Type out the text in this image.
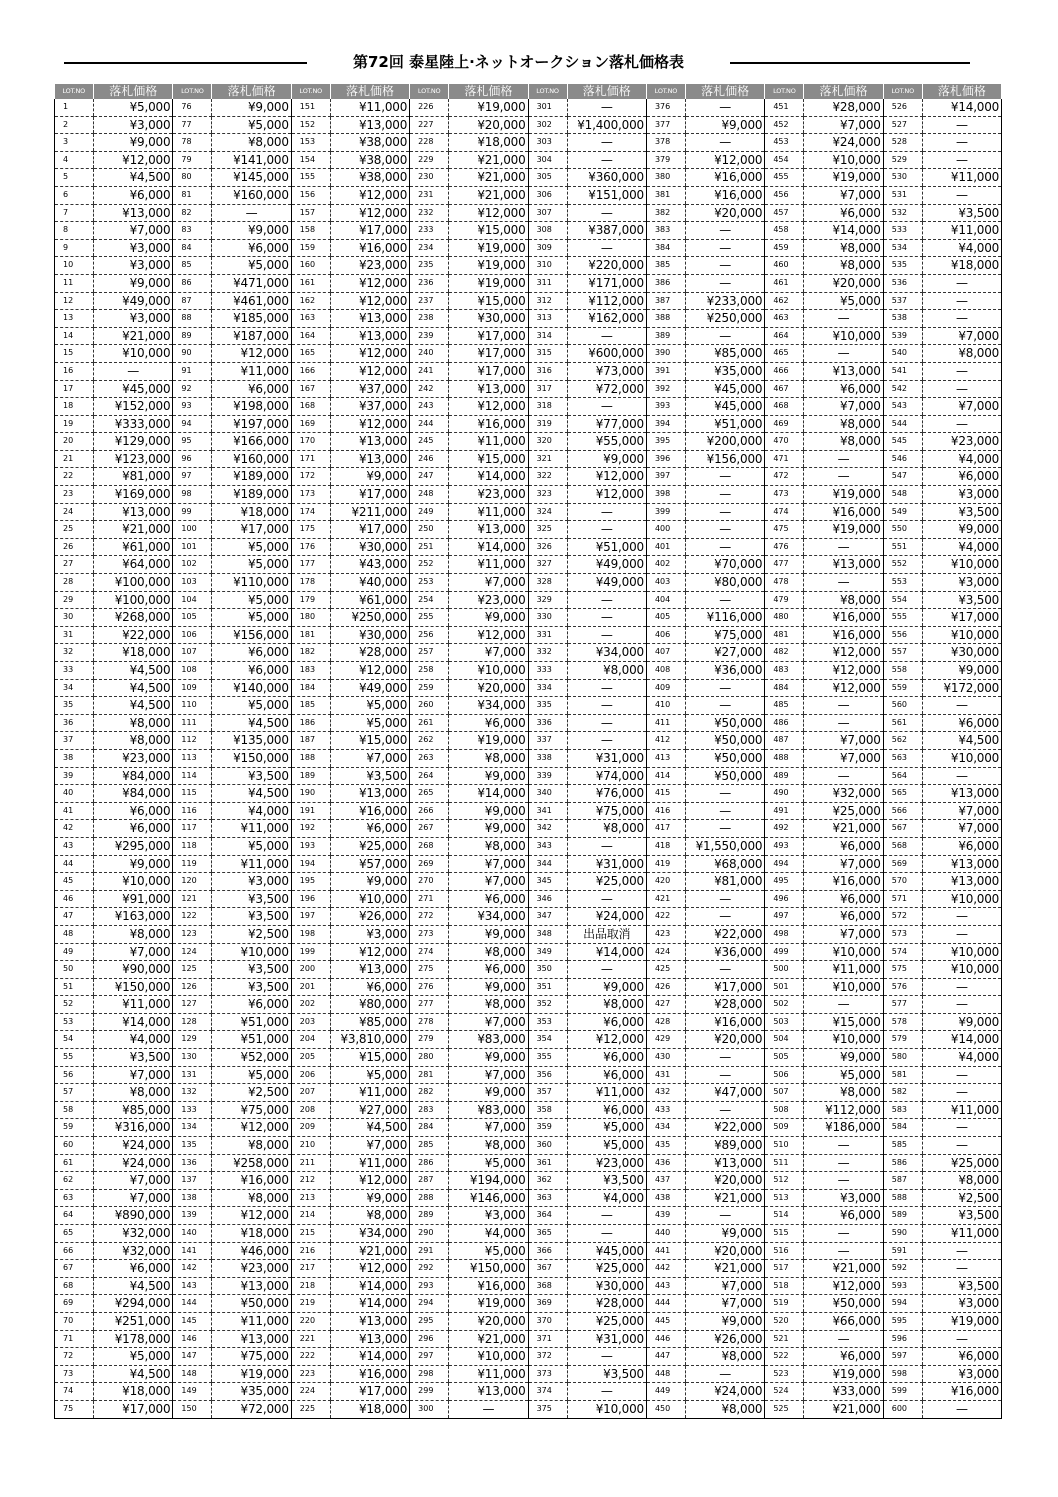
第72回 泰星陸上·ネットオークション落札価格表
LOT.NO	落札価格	LOT.NO	落札価格	LOT.NO	落札価格	LOT.NO	落札価格	LOT.NO	落札価格	LOT.NO	落札価格	LOT.NO	落札価格	LOT.NO	落札価格
1	¥5,000	76	¥9,000	151	¥11,000	226	¥19,000	301	—	376	—	451	¥28,000	526	¥14,000
2	¥3,000	77	¥5,000	152	¥13,000	227	¥20,000	302	¥1,400,000	377	¥9,000	452	¥7,000	527	—
3	¥9,000	78	¥8,000	153	¥38,000	228	¥18,000	303	—	378	—	453	¥24,000	528	—
4	¥12,000	79	¥141,000	154	¥38,000	229	¥21,000	304	—	379	¥12,000	454	¥10,000	529	—
5	¥4,500	80	¥145,000	155	¥38,000	230	¥21,000	305	¥360,000	380	¥16,000	455	¥19,000	530	¥11,000
6	¥6,000	81	¥160,000	156	¥12,000	231	¥21,000	306	¥151,000	381	¥16,000	456	¥7,000	531	—
7	¥13,000	82	—	157	¥12,000	232	¥12,000	307	—	382	¥20,000	457	¥6,000	532	¥3,500
8	¥7,000	83	¥9,000	158	¥17,000	233	¥15,000	308	¥387,000	383	—	458	¥14,000	533	¥11,000
9	¥3,000	84	¥6,000	159	¥16,000	234	¥19,000	309	—	384	—	459	¥8,000	534	¥4,000
10	¥3,000	85	¥5,000	160	¥23,000	235	¥19,000	310	¥220,000	385	—	460	¥8,000	535	¥18,000
11	¥9,000	86	¥471,000	161	¥12,000	236	¥19,000	311	¥171,000	386	—	461	¥20,000	536	—
12	¥49,000	87	¥461,000	162	¥12,000	237	¥15,000	312	¥112,000	387	¥233,000	462	¥5,000	537	—
13	¥3,000	88	¥185,000	163	¥13,000	238	¥30,000	313	¥162,000	388	¥250,000	463	—	538	—
14	¥21,000	89	¥187,000	164	¥13,000	239	¥17,000	314	—	389	—	464	¥10,000	539	¥7,000
15	¥10,000	90	¥12,000	165	¥12,000	240	¥17,000	315	¥600,000	390	¥85,000	465	—	540	¥8,000
16	—	91	¥11,000	166	¥12,000	241	¥17,000	316	¥73,000	391	¥35,000	466	¥13,000	541	—
17	¥45,000	92	¥6,000	167	¥37,000	242	¥13,000	317	¥72,000	392	¥45,000	467	¥6,000	542	—
18	¥152,000	93	¥198,000	168	¥37,000	243	¥12,000	318	—	393	¥45,000	468	¥7,000	543	¥7,000
19	¥333,000	94	¥197,000	169	¥12,000	244	¥16,000	319	¥77,000	394	¥51,000	469	¥8,000	544	—
20	¥129,000	95	¥166,000	170	¥13,000	245	¥11,000	320	¥55,000	395	¥200,000	470	¥8,000	545	¥23,000
21	¥123,000	96	¥160,000	171	¥13,000	246	¥15,000	321	¥9,000	396	¥156,000	471	—	546	¥4,000
22	¥81,000	97	¥189,000	172	¥9,000	247	¥14,000	322	¥12,000	397	—	472	—	547	¥6,000
23	¥169,000	98	¥189,000	173	¥17,000	248	¥23,000	323	¥12,000	398	—	473	¥19,000	548	¥3,000
24	¥13,000	99	¥18,000	174	¥211,000	249	¥11,000	324	—	399	—	474	¥16,000	549	¥3,500
25	¥21,000	100	¥17,000	175	¥17,000	250	¥13,000	325	—	400	—	475	¥19,000	550	¥9,000
26	¥61,000	101	¥5,000	176	¥30,000	251	¥14,000	326	¥51,000	401	—	476	—	551	¥4,000
27	¥64,000	102	¥5,000	177	¥43,000	252	¥11,000	327	¥49,000	402	¥70,000	477	¥13,000	552	¥10,000
28	¥100,000	103	¥110,000	178	¥40,000	253	¥7,000	328	¥49,000	403	¥80,000	478	—	553	¥3,000
29	¥100,000	104	¥5,000	179	¥61,000	254	¥23,000	329	—	404	—	479	¥8,000	554	¥3,500
30	¥268,000	105	¥5,000	180	¥250,000	255	¥9,000	330	—	405	¥116,000	480	¥16,000	555	¥17,000
31	¥22,000	106	¥156,000	181	¥30,000	256	¥12,000	331	—	406	¥75,000	481	¥16,000	556	¥10,000
32	¥18,000	107	¥6,000	182	¥28,000	257	¥7,000	332	¥34,000	407	¥27,000	482	¥12,000	557	¥30,000
33	¥4,500	108	¥6,000	183	¥12,000	258	¥10,000	333	¥8,000	408	¥36,000	483	¥12,000	558	¥9,000
34	¥4,500	109	¥140,000	184	¥49,000	259	¥20,000	334	—	409	—	484	¥12,000	559	¥172,000
35	¥4,500	110	¥5,000	185	¥5,000	260	¥34,000	335	—	410	—	485	—	560	—
36	¥8,000	111	¥4,500	186	¥5,000	261	¥6,000	336	—	411	¥50,000	486	—	561	¥6,000
37	¥8,000	112	¥135,000	187	¥15,000	262	¥19,000	337	—	412	¥50,000	487	¥7,000	562	¥4,500
38	¥23,000	113	¥150,000	188	¥7,000	263	¥8,000	338	¥31,000	413	¥50,000	488	¥7,000	563	¥10,000
39	¥84,000	114	¥3,500	189	¥3,500	264	¥9,000	339	¥74,000	414	¥50,000	489	—	564	—
40	¥84,000	115	¥4,500	190	¥13,000	265	¥14,000	340	¥76,000	415	—	490	¥32,000	565	¥13,000
41	¥6,000	116	¥4,000	191	¥16,000	266	¥9,000	341	¥75,000	416	—	491	¥25,000	566	¥7,000
42	¥6,000	117	¥11,000	192	¥6,000	267	¥9,000	342	¥8,000	417	—	492	¥21,000	567	¥7,000
43	¥295,000	118	¥5,000	193	¥25,000	268	¥8,000	343	—	418	¥1,550,000	493	¥6,000	568	¥6,000
44	¥9,000	119	¥11,000	194	¥57,000	269	¥7,000	344	¥31,000	419	¥68,000	494	¥7,000	569	¥13,000
45	¥10,000	120	¥3,000	195	¥9,000	270	¥7,000	345	¥25,000	420	¥81,000	495	¥16,000	570	¥13,000
46	¥91,000	121	¥3,500	196	¥10,000	271	¥6,000	346	—	421	—	496	¥6,000	571	¥10,000
47	¥163,000	122	¥3,500	197	¥26,000	272	¥34,000	347	¥24,000	422	—	497	¥6,000	572	—
48	¥8,000	123	¥2,500	198	¥3,000	273	¥9,000	348	出品取消	423	¥22,000	498	¥7,000	573	—
49	¥7,000	124	¥10,000	199	¥12,000	274	¥8,000	349	¥14,000	424	¥36,000	499	¥10,000	574	¥10,000
50	¥90,000	125	¥3,500	200	¥13,000	275	¥6,000	350	—	425	—	500	¥11,000	575	¥10,000
51	¥150,000	126	¥3,500	201	¥6,000	276	¥9,000	351	¥9,000	426	¥17,000	501	¥10,000	576	—
52	¥11,000	127	¥6,000	202	¥80,000	277	¥8,000	352	¥8,000	427	¥28,000	502	—	577	—
53	¥14,000	128	¥51,000	203	¥85,000	278	¥7,000	353	¥6,000	428	¥16,000	503	¥15,000	578	¥9,000
54	¥4,000	129	¥51,000	204	¥3,810,000	279	¥83,000	354	¥12,000	429	¥20,000	504	¥10,000	579	¥14,000
55	¥3,500	130	¥52,000	205	¥15,000	280	¥9,000	355	¥6,000	430	—	505	¥9,000	580	¥4,000
56	¥7,000	131	¥5,000	206	¥5,000	281	¥7,000	356	¥6,000	431	—	506	¥5,000	581	—
57	¥8,000	132	¥2,500	207	¥11,000	282	¥9,000	357	¥11,000	432	¥47,000	507	¥8,000	582	—
58	¥85,000	133	¥75,000	208	¥27,000	283	¥83,000	358	¥6,000	433	—	508	¥112,000	583	¥11,000
59	¥316,000	134	¥12,000	209	¥4,500	284	¥7,000	359	¥5,000	434	¥22,000	509	¥186,000	584	—
60	¥24,000	135	¥8,000	210	¥7,000	285	¥8,000	360	¥5,000	435	¥89,000	510	—	585	—
61	¥24,000	136	¥258,000	211	¥11,000	286	¥5,000	361	¥23,000	436	¥13,000	511	—	586	¥25,000
62	¥7,000	137	¥16,000	212	¥12,000	287	¥194,000	362	¥3,500	437	¥20,000	512	—	587	¥8,000
63	¥7,000	138	¥8,000	213	¥9,000	288	¥146,000	363	¥4,000	438	¥21,000	513	¥3,000	588	¥2,500
64	¥890,000	139	¥12,000	214	¥8,000	289	¥3,000	364	—	439	—	514	¥6,000	589	¥3,500
65	¥32,000	140	¥18,000	215	¥34,000	290	¥4,000	365	—	440	¥9,000	515	—	590	¥11,000
66	¥32,000	141	¥46,000	216	¥21,000	291	¥5,000	366	¥45,000	441	¥20,000	516	—	591	—
67	¥6,000	142	¥23,000	217	¥12,000	292	¥150,000	367	¥25,000	442	¥21,000	517	¥21,000	592	—
68	¥4,500	143	¥13,000	218	¥14,000	293	¥16,000	368	¥30,000	443	¥7,000	518	¥12,000	593	¥3,500
69	¥294,000	144	¥50,000	219	¥14,000	294	¥19,000	369	¥28,000	444	¥7,000	519	¥50,000	594	¥3,000
70	¥251,000	145	¥11,000	220	¥13,000	295	¥20,000	370	¥25,000	445	¥9,000	520	¥66,000	595	¥19,000
71	¥178,000	146	¥13,000	221	¥13,000	296	¥21,000	371	¥31,000	446	¥26,000	521	—	596	—
72	¥5,000	147	¥75,000	222	¥14,000	297	¥10,000	372	—	447	¥8,000	522	¥6,000	597	¥6,000
73	¥4,500	148	¥19,000	223	¥16,000	298	¥11,000	373	¥3,500	448	—	523	¥19,000	598	¥3,000
74	¥18,000	149	¥35,000	224	¥17,000	299	¥13,000	374	—	449	¥24,000	524	¥33,000	599	¥16,000
75	¥17,000	150	¥72,000	225	¥18,000	300	—	375	¥10,000	450	¥8,000	525	¥21,000	600	—
